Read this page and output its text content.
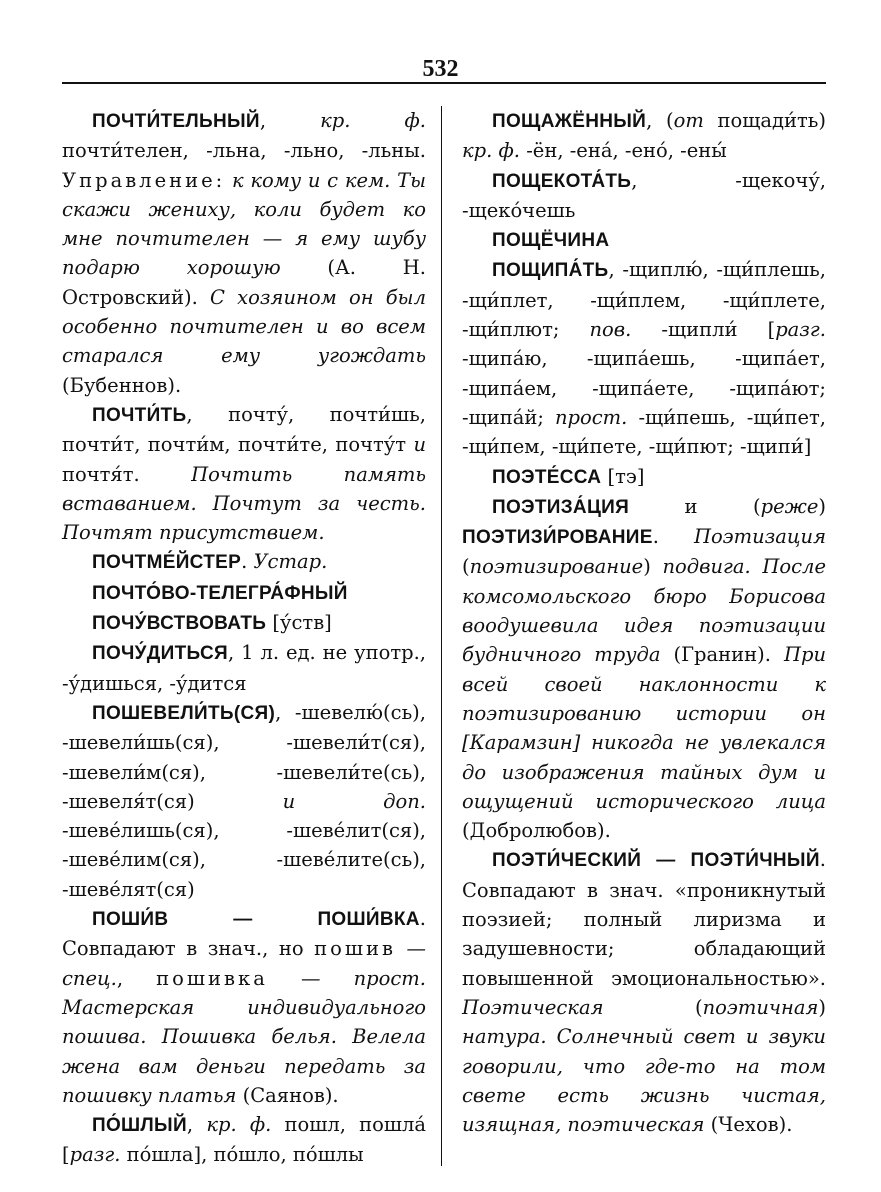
532

ПОЧТИ́ТЕЛЬНЫЙ, кр. ф. почти́телен, -льна, -льно, -льны. Управление: к кому и с кем. Ты скажи жениху, коли будет ко мне почтителен — я ему шубу подарю хорошую (А. Н. Островский). С хозяином он был особенно почтителен и во всем старался ему угождать (Бубеннов).

ПОЧТИ́ТЬ, почту́, почти́шь, почти́т, почти́м, почти́те, почту́т и почтя́т. Почтить память вставанием. Почтут за честь. Почтят присутствием.

ПОЧТМЕ́ЙСТЕР. Устар.

ПОЧТО́ВО-ТЕЛЕГРА́ФНЫЙ

ПОЧУ́ВСТВОВАТЬ [у́ств]

ПОЧУ́ДИТЬСЯ, 1 л. ед. не употр., -у́дишься, -у́дится

ПОШЕВЕЛИ́ТЬ(СЯ), -шевелю́(сь), -шевели́шь(ся), -шевели́т(ся), -шевели́м(ся), -шевели́те(сь), -шевеля́т(ся) и доп. -шеве́лишь(ся), -шеве́лит(ся), -шеве́лим(ся), -шеве́лите(сь), -шеве́лят(ся)

ПОШИ́В — ПОШИ́ВКА. Совпадают в знач., но пошив — спец., пошивка — прост. Мастерская индивидуального пошива. Пошивка белья. Велела жена вам деньги передать за пошивку платья (Саянов).

ПО́ШЛЫЙ, кр. ф. пошл, пошла́ [разг. по́шла], по́шло, по́шлы

ПОЩАЖЁННЫЙ, (от пощади́ть) кр. ф. -ён, -ена́, -ено́, -ены́

ПОЩЕКОТА́ТЬ, -щекочу́, -щеко́чешь

ПОЩЁЧИНА

ПОЩИПА́ТЬ, -щиплю́, -щи́плешь, -щи́плет, -щи́плем, -щи́плете, -щи́плют; пов. -щипли́ [разг. -щипа́ю, -щипа́ешь, -щипа́ет, -щипа́ем, -щипа́ете, -щипа́ют; -щипа́й; прост. -щи́пешь, -щи́пет, -щи́пем, -щи́пете, -щи́пют; -щипи́]

ПОЭТЕ́ССА [тэ]

ПОЭТИЗА́ЦИЯ и (реже) ПОЭТИЗИ́РОВАНИЕ. Поэтизация (поэтизирование) подвига. После комсомольского бюро Борисова воодушевила идея поэтизации будничного труда (Гранин). При всей своей наклонности к поэтизированию истории он [Карамзин] никогда не увлекался до изображения тайных дум и ощущений исторического лица (Добролюбов).

ПОЭТИ́ЧЕСКИЙ — ПОЭТИ́ЧНЫЙ. Совпадают в знач. «проникнутый поэзией; полный лиризма и задушевности; обладающий повышенной эмоциональностью». Поэтическая (поэтичная) натура. Солнечный свет и звуки говорили, что где-то на том свете есть жизнь чистая, изящная, поэтическая (Чехов).
